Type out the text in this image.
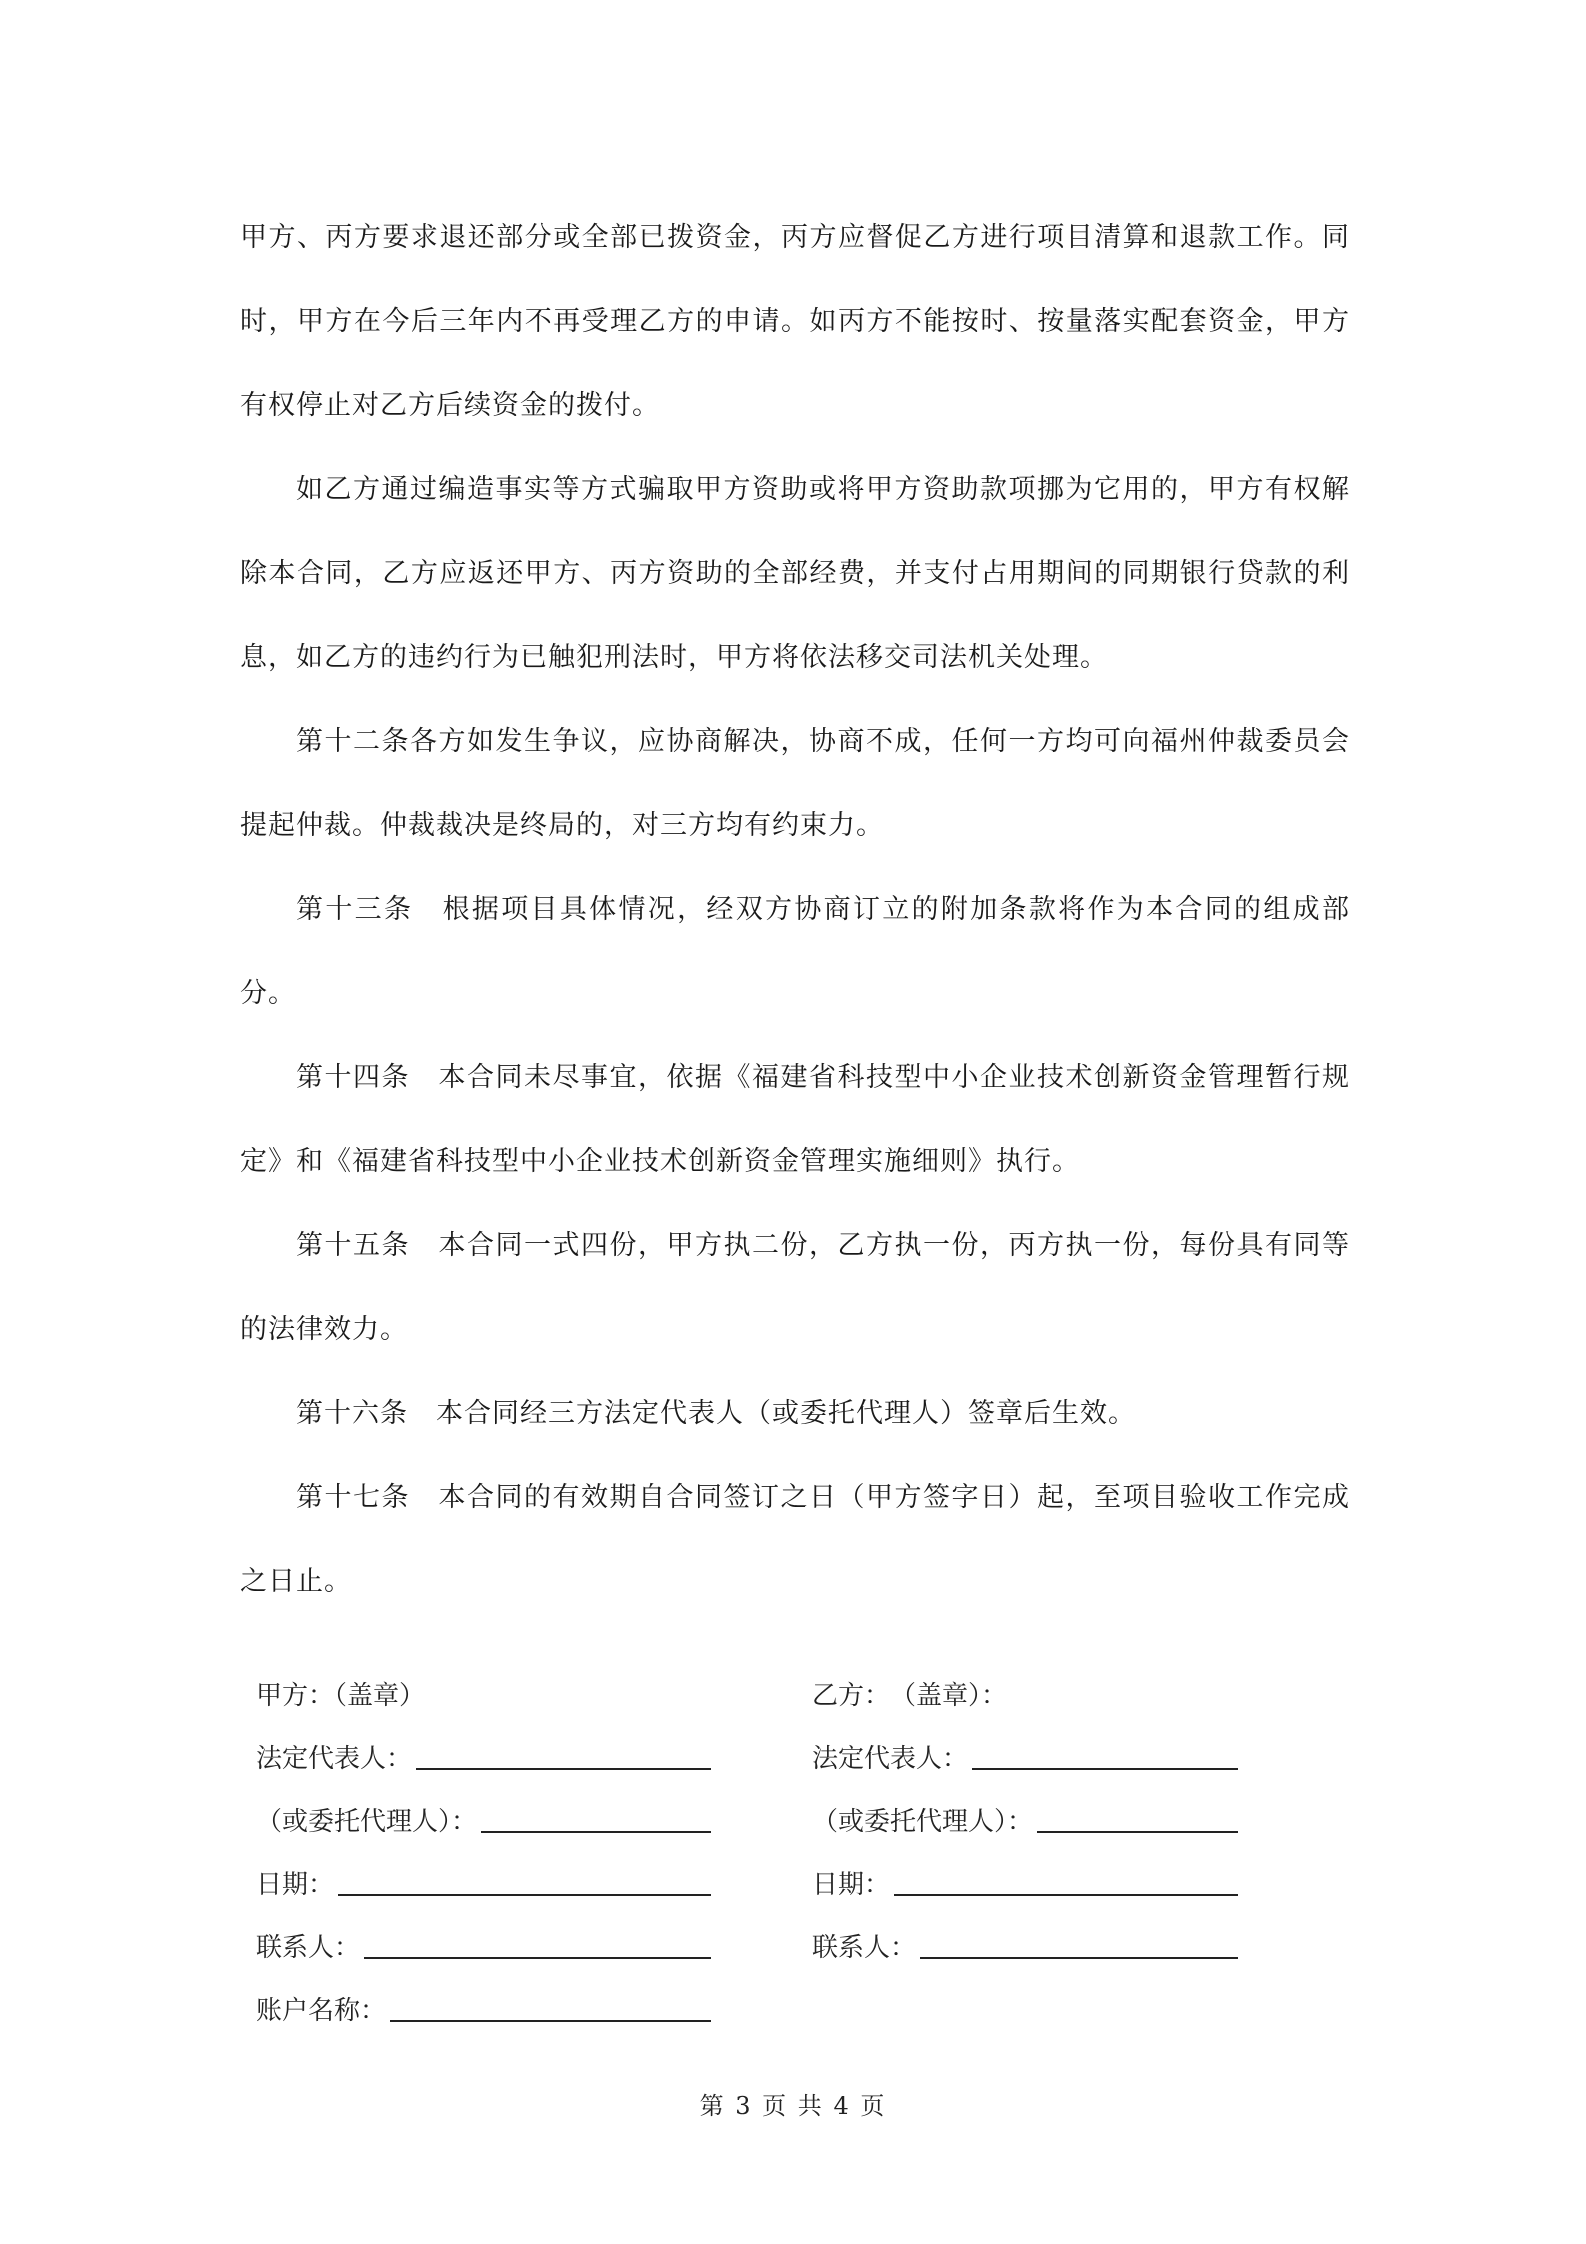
甲方、丙方要求退还部分或全部已拨资金，丙方应督促乙方进行项目清算和退款工作。同时，甲方在今后三年内不再受理乙方的申请。如丙方不能按时、按量落实配套资金，甲方有权停止对乙方后续资金的拨付。

如乙方通过编造事实等方式骗取甲方资助或将甲方资助款项挪为它用的，甲方有权解除本合同，乙方应返还甲方、丙方资助的全部经费，并支付占用期间的同期银行贷款的利息，如乙方的违约行为已触犯刑法时，甲方将依法移交司法机关处理。

第十二条各方如发生争议，应协商解决，协商不成，任何一方均可向福州仲裁委员会提起仲裁。仲裁裁决是终局的，对三方均有约束力。

第十三条　根据项目具体情况，经双方协商订立的附加条款将作为本合同的组成部分。

第十四条　本合同未尽事宜，依据《福建省科技型中小企业技术创新资金管理暂行规定》和《福建省科技型中小企业技术创新资金管理实施细则》执行。

第十五条　本合同一式四份，甲方执二份，乙方执一份，丙方执一份，每份具有同等的法律效力。

第十六条　本合同经三方法定代表人（或委托代理人）签章后生效。

第十七条　本合同的有效期自合同签订之日（甲方签字日）起，至项目验收工作完成之日止。

甲方：（盖章）
法定代表人：
（或委托代理人）：
日期：
联系人：
账户名称：
乙方：　（盖章）：
法定代表人：
（或委托代理人）：
日期：
联系人：
第 3 页 共 4 页
